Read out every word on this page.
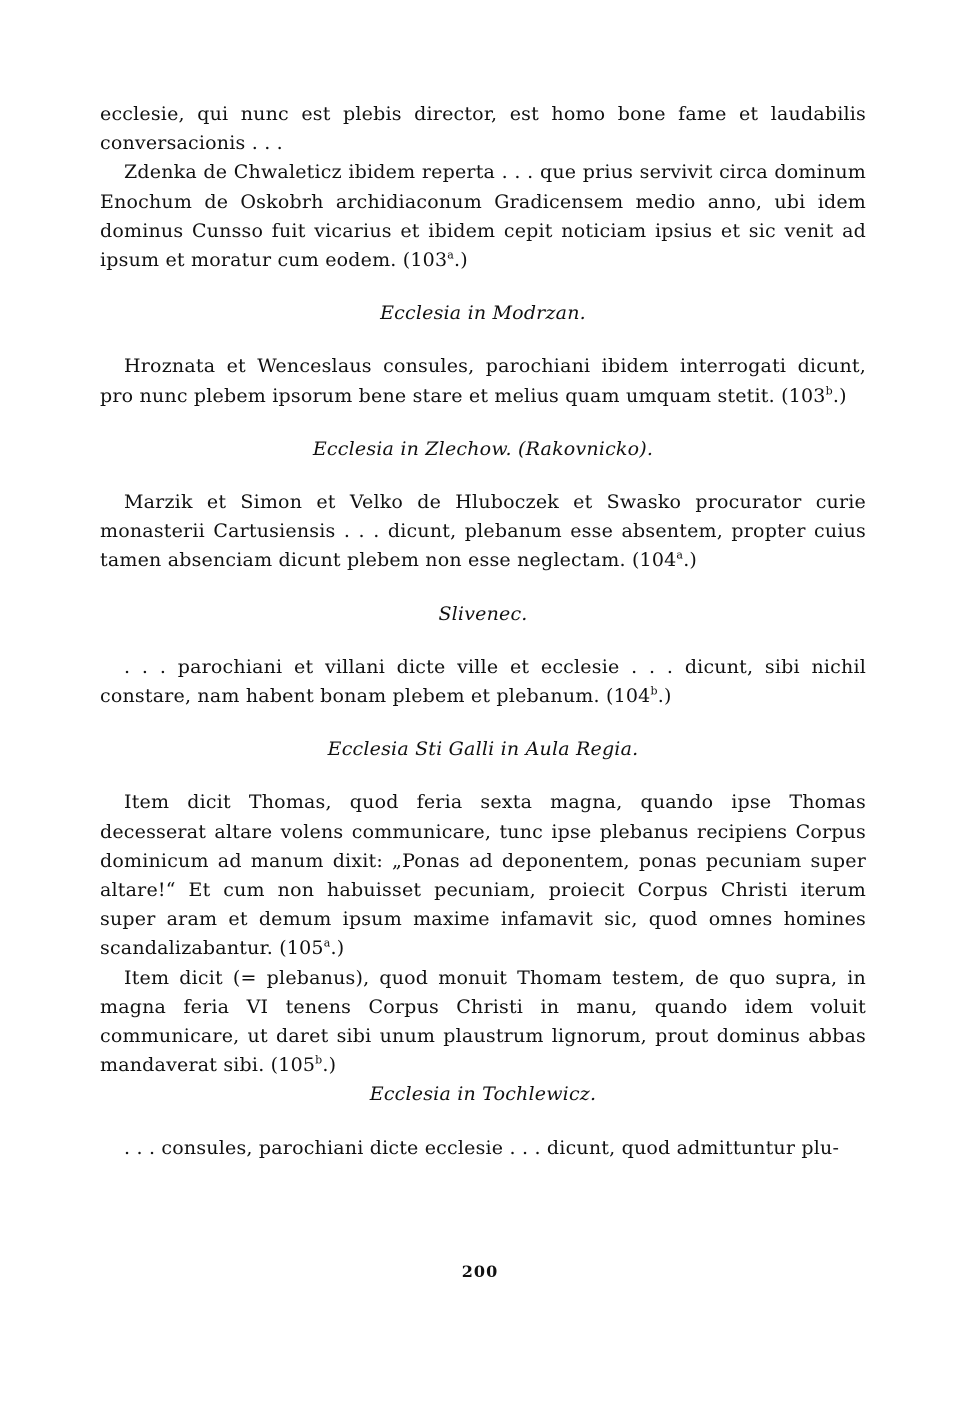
ecclesie, qui nunc est plebis director, est homo bone fame et laudabilis conversacionis . . .

Zdenka de Chwaleticz ibidem reperta . . . que prius servivit circa dominum Enochum de Oskobrh archidiaconum Gradicensem medio anno, ubi idem dominus Cunsso fuit vicarius et ibidem cepit noticiam ipsius et sic venit ad ipsum et moratur cum eodem. (103$^a$.)

Ecclesia in Modrzan.

Hroznata et Wenceslaus consules, parochiani ibidem interrogati dicunt, pro nunc plebem ipsorum bene stare et melius quam umquam stetit. (103$^b$.)

Ecclesia in Zlechow. (Rakovnicko).

Marzik et Simon et Velko de Hluboczek et Swasko procurator curie monasterii Cartusiensis . . . dicunt, plebanum esse absentem, propter cuius tamen absenciam dicunt plebem non esse neglectam. (104$^a$.)

Slivenec.

. . . parochiani et villani dicte ville et ecclesie . . . dicunt, sibi nichil constare, nam habent bonam plebem et plebanum. (104$^b$.)

Ecclesia Sti Galli in Aula Regia.

Item dicit Thomas, quod feria sexta magna, quando ipse Thomas decesserat altare volens communicare, tunc ipse plebanus recipiens Corpus dominicum ad manum dixit: „Ponas ad deponentem, ponas pecuniam super altare!“ Et cum non habuisset pecuniam, proiecit Corpus Christi iterum super aram et demum ipsum maxime infamavit sic, quod omnes homines scandalizabantur. (105$^a$.)

Item dicit (= plebanus), quod monuit Thomam testem, de quo supra, in magna feria VI tenens Corpus Christi in manu, quando idem voluit communicare, ut daret sibi unum plaustrum lignorum, prout dominus abbas mandaverat sibi. (105$^b$.)

Ecclesia in Tochlewicz.

. . . consules, parochiani dicte ecclesie . . . dicunt, quod admittuntur plu-

200
